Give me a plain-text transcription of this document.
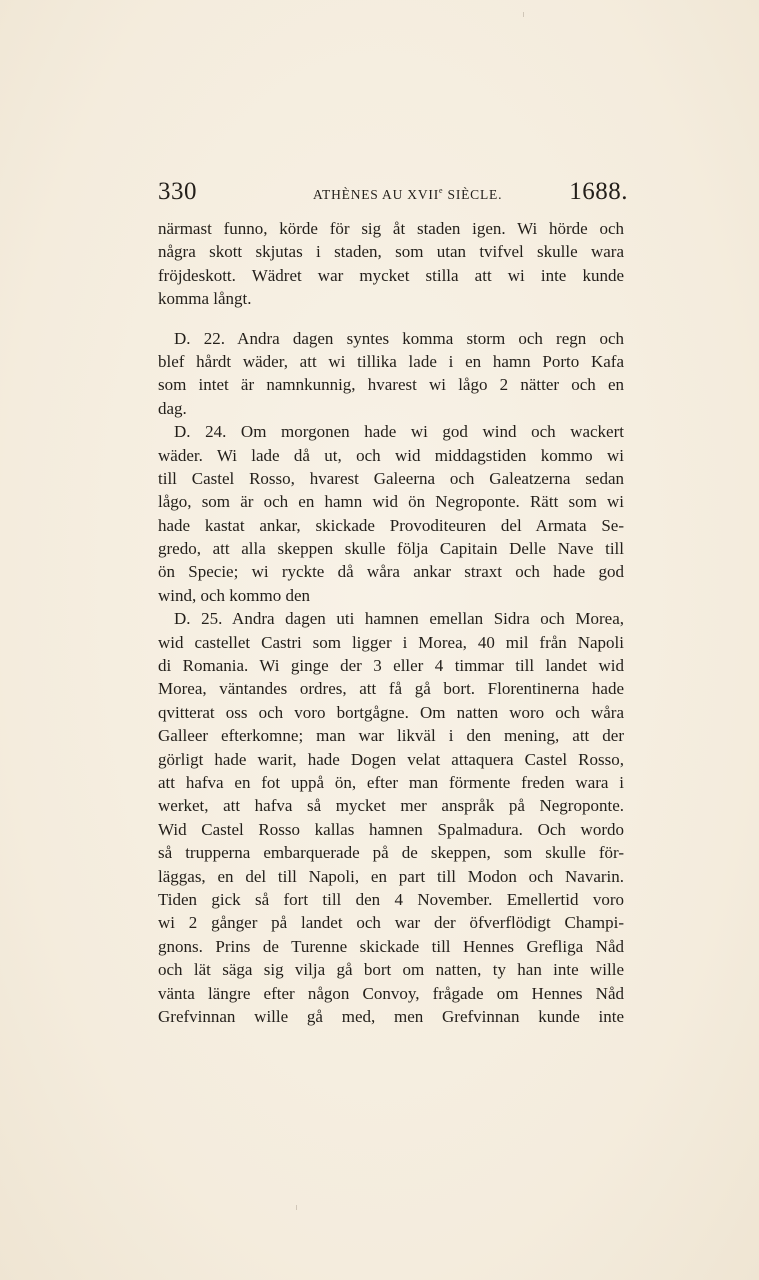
330	ATHÈNES AU XVIIe SIÈCLE.	1688.
närmast funno, körde för sig åt staden igen. Wi hörde och
några skott skjutas i staden, som utan tvifvel skulle wara
fröjdeskott. Wädret war mycket stilla att wi inte kunde
komma långt.
D. 22. Andra dagen syntes komma storm och regn och
blef hårdt wäder, att wi tillika lade i en hamn Porto Kafa
som intet är namnkunnig, hvarest wi lågo 2 nätter och en
dag.
D. 24. Om morgonen hade wi god wind och wackert
wäder. Wi lade då ut, och wid middagstiden kommo wi
till Castel Rosso, hvarest Galeerna och Galeatzerna sedan
lågo, som är och en hamn wid ön Negroponte. Rätt som wi
hade kastat ankar, skickade Provoditeuren del Armata Se-
gredo, att alla skeppen skulle följa Capitain Delle Nave till
ön Specie; wi ryckte då wåra ankar straxt och hade god
wind, och kommo den
D. 25. Andra dagen uti hamnen emellan Sidra och Morea,
wid castellet Castri som ligger i Morea, 40 mil från Napoli
di Romania. Wi ginge der 3 eller 4 timmar till landet wid
Morea, väntandes ordres, att få gå bort. Florentinerna hade
qvitterat oss och voro bortgågne. Om natten woro och wåra
Galleer efterkomne; man war likväl i den mening, att der
görligt hade warit, hade Dogen velat attaquera Castel Rosso,
att hafva en fot uppå ön, efter man förmente freden wara i
werket, att hafva så mycket mer anspråk på Negroponte.
Wid Castel Rosso kallas hamnen Spalmadura. Och wordo
så trupperna embarquerade på de skeppen, som skulle för-
läggas, en del till Napoli, en part till Modon och Navarin.
Tiden gick så fort till den 4 November. Emellertid voro
wi 2 gånger på landet och war der öfverflödigt Champi-
gnons. Prins de Turenne skickade till Hennes Grefliga Nåd
och lät säga sig vilja gå bort om natten, ty han inte wille
vänta längre efter någon Convoy, frågade om Hennes Nåd
Grefvinnan wille gå med, men Grefvinnan kunde inte
